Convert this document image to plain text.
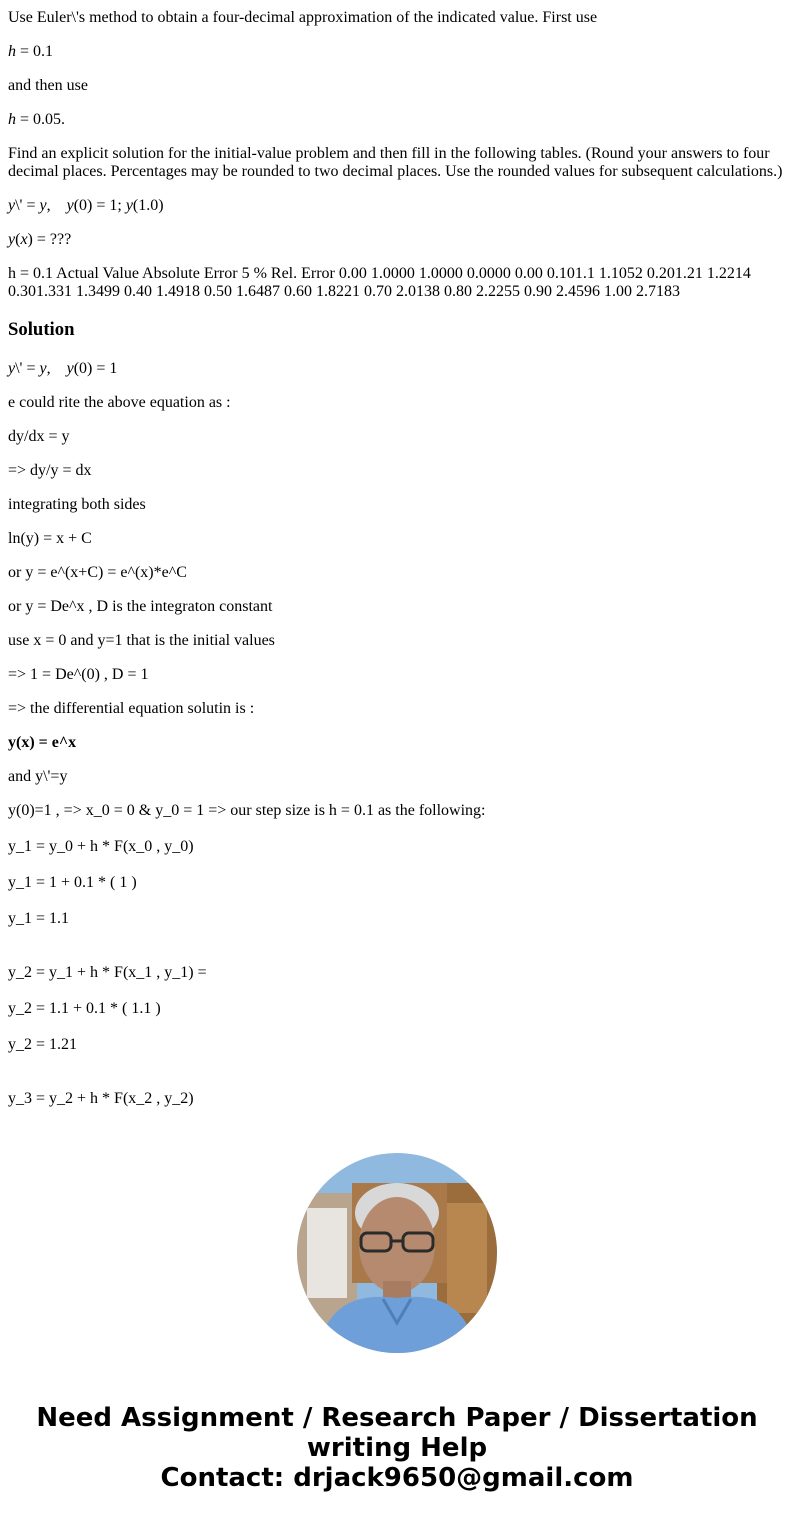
Use Euler\'s method to obtain a four-decimal approximation of the indicated value. First use

h = 0.1

and then use

h = 0.05.

Find an explicit solution for the initial-value problem and then fill in the following tables. (Round your answers to four decimal places. Percentages may be rounded to two decimal places. Use the rounded values for subsequent calculations.)

y\' = y,    y(0) = 1; y(1.0)

y(x) = ???

h = 0.1 Actual Value Absolute Error 5 % Rel. Error 0.00 1.0000 1.0000 0.0000 0.00 0.101.1 1.1052 0.201.21 1.2214 0.301.331 1.3499 0.40 1.4918 0.50 1.6487 0.60 1.8221 0.70 2.0138 0.80 2.2255 0.90 2.4596 1.00 2.7183

Solution

y\' = y,    y(0) = 1

e could rite the above equation as :

dy/dx = y

=> dy/y = dx

integrating both sides

ln(y) = x + C

or y = e^(x+C) = e^(x)*e^C

or y = De^x , D is the integraton constant

use x = 0 and y=1 that is the initial values

=> 1 = De^(0) , D = 1

=> the differential equation solutin is :

y(x) = e^x

and y\'=y

y(0)=1 , => x_0 = 0 & y_0 = 1 => our step size is h = 0.1 as the following:

y_1 = y_0 + h * F(x_0 , y_0)

y_1 = 1 + 0.1 * ( 1 )

y_1 = 1.1

y_2 = y_1 + h * F(x_1 , y_1) =

y_2 = 1.1 + 0.1 * ( 1.1 )

y_2 = 1.21

y_3 = y_2 + h * F(x_2 , y_2)

Need Assignment / Research Paper / Dissertation
writing Help
Contact: drjack9650@gmail.com
